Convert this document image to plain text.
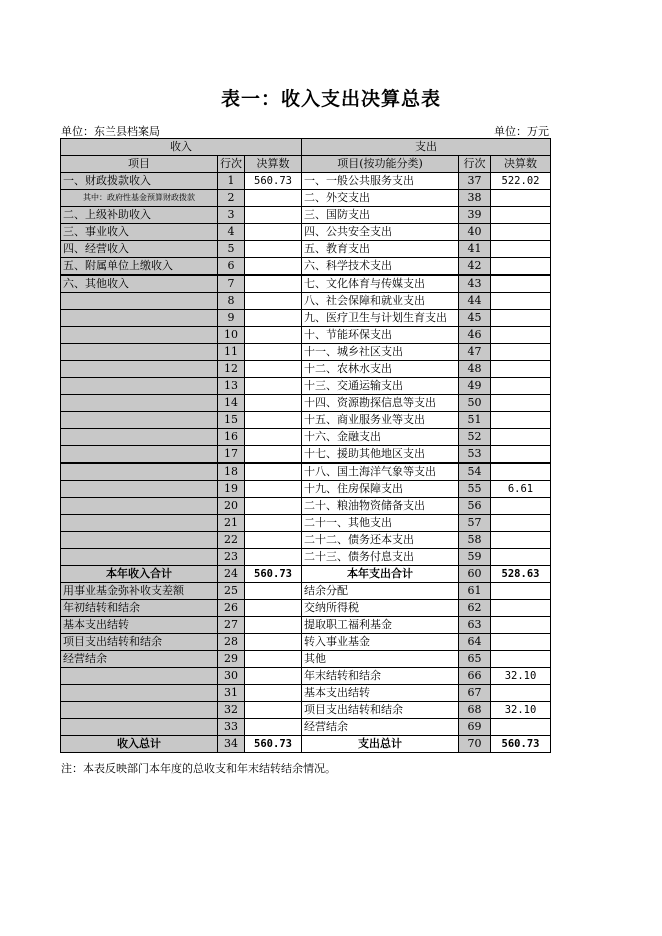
表一：收入支出决算总表
单位：东兰县档案局	单位：万元
收入			支出		
项目	行次	决算数	项目(按功能分类)	行次	决算数
一、财政拨款收入	1	560.73	一、一般公共服务支出	37	522.02
其中：政府性基金预算财政拨款	2		二、外交支出	38	
二、上级补助收入	3		三、国防支出	39	
三、事业收入	4		四、公共安全支出	40	
四、经营收入	5		五、教育支出	41	
五、附属单位上缴收入	6		六、科学技术支出	42	
六、其他收入	7		七、文化体育与传媒支出	43	
	8		八、社会保障和就业支出	44	
	9		九、医疗卫生与计划生育支出	45	
	10		十、节能环保支出	46	
	11		十一、城乡社区支出	47	
	12		十二、农林水支出	48	
	13		十三、交通运输支出	49	
	14		十四、资源勘探信息等支出	50	
	15		十五、商业服务业等支出	51	
	16		十六、金融支出	52	
	17		十七、援助其他地区支出	53	
	18		十八、国土海洋气象等支出	54	
	19		十九、住房保障支出	55	6.61
	20		二十、粮油物资储备支出	56	
	21		二十一、其他支出	57	
	22		二十二、债务还本支出	58	
	23		二十三、债务付息支出	59	
本年收入合计	24	560.73	本年支出合计	60	528.63
用事业基金弥补收支差额	25		结余分配	61	
年初结转和结余	26		交纳所得税	62	
基本支出结转	27		提取职工福利基金	63	
项目支出结转和结余	28		转入事业基金	64	
经营结余	29		其他	65	
	30		年末结转和结余	66	32.10
	31		基本支出结转	67	
	32		项目支出结转和结余	68	32.10
	33		经营结余	69	
收入总计	34	560.73	支出总计	70	560.73
注：本表反映部门本年度的总收支和年末结转结余情况。
